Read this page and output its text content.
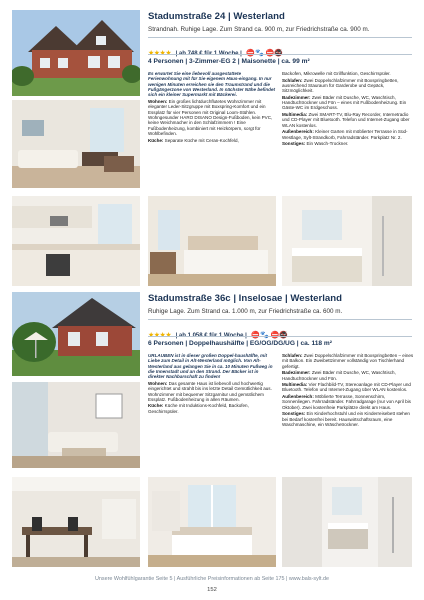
Stadumstraße 24 | Westerland
Strandnah. Ruhige Lage. Zum Strand ca. 900 m, zur Friedrichstraße ca. 900 m.
4 Personen | 3-Zimmer-EG 2 | Maisonette | ca. 99 m²

Es erwartet Sie eine liebevoll ausgestattete Ferienwohnung mit für Sie eigenem Haus-eingang. In nur wenigen Minuten erreichen sie den Traumstrand und die Fußgängerzone von Westerland. In nächster Nähe befindet sich ein kleiner Supermarkt mit Bäckerei.

Wohnen: Ein großes lichtdurchflutetes Wohnzimmer mit eleganter Leder-Sitzgruppe mit Boxspring-Komfort und ein Essplatz für vier Personen mit Original Loom-Stühlen. Wohngesunder HARO DISANO Design-Fußboden, kein PVC, keine Weichmacher in den Schlafzimmern ! Eine Fußbodenheizung, kombiniert mit Heizkörpern, sorgt für Wohlbefinden.

Küche: Separate Küche mit Ceran-Kochfeld,

Backofen, Mikrowelle mit Grillfunktion, Geschirrspüler.

Schlafen: Zwei Doppelschlafzimmer mit Boxspringbetten, ausreichend Stauraum für Garderobe und Gepäck, Sitzmöglichkeit.

Badezimmer: Zwei Bäder mit Dusche, WC, Waschtisch, Handtuchtrockner und Fön – eines mit Fußbodenheizung. Ein Gäste-WC im Erdgeschoss.

Multimedia: Zwei SMART-TV, Blu-Ray Recorder, Internetradio und CD-Player mit Bluetooth. Telefon und Internet-Zugang über WLAN kostenlos.

Außenbereich: Kleiner Garten mit möblierter Terrasse in Süd-Westlage, Sylt-Strandkorb, Fahrradständer. Parkplatz Nr. 2.

Sonstiges: Ein Wasch-Trockner.

Stadumstraße 36c | Inselosae | Westerland
Ruhige Lage. Zum Strand ca. 1.000 m, zur Friedrichstraße ca. 600 m.
6 Personen | Doppelhaushälfte | EG/OG/DG/UG | ca. 118 m²

URLAUBEN ist in dieser großen Doppel-haushälfte, mit Liebe zum Detail in Alt-Westerland möglich. Von Alt-Westerland aus gelangen Sie in ca. 10 Minuten Fußweg in die Innenstadt und an den Strand. Der Bäcker ist in direkter Nachbarschaft zu finden!

Wohnen: Das gesamte Haus ist liebevoll und hochwertig eingerichtet und strahlt bis ins letzte Detail Gemütlichkeit aus. Wohnzimmer mit bequemer Sitzgarnitur und gemütlichem Essplatz. Fußbodenheizung in allen Räumen.

Küche: Küche mit Induktions-Kochfeld, Backofen, Geschirrspüler.

Schlafen: Zwei Doppelschlafzimmer mit Boxspringbetten – eines mit Balkon. Ein Zweibettzimmer vollständig von Tischlerhand gefertigt.

Badezimmer: Zwei Bäder mit Dusche, WC, Waschtisch, Handtuchtrockner und Fön.

Multimedia: Vier Flachbild-TV, Stereoanlage mit CD-Player und Bluetooth. Telefon und Internet-Zugang über WLAN kostenlos.

Außenbereich: Möblierte Terrasse, Sonnenschirm, Sonnenliegen. Fahrradständer. Fahrradgarage (nur von April bis Oktober). Zwei kostenfreie Parkplätze direkt am Haus.

Sonstiges: Ein Kinderhochstuhl und ein Kinderreisebett stehen bei Bedarf kostenfrei bereit. Hauswirtschaftsraum, eine Waschmaschine, ein Wäschetrockner.

Unsere Wohlfühlgarantie Seite 5 | Ausführliche Preisinformationen ab Seite 175 | www.bals-sylt.de
152
